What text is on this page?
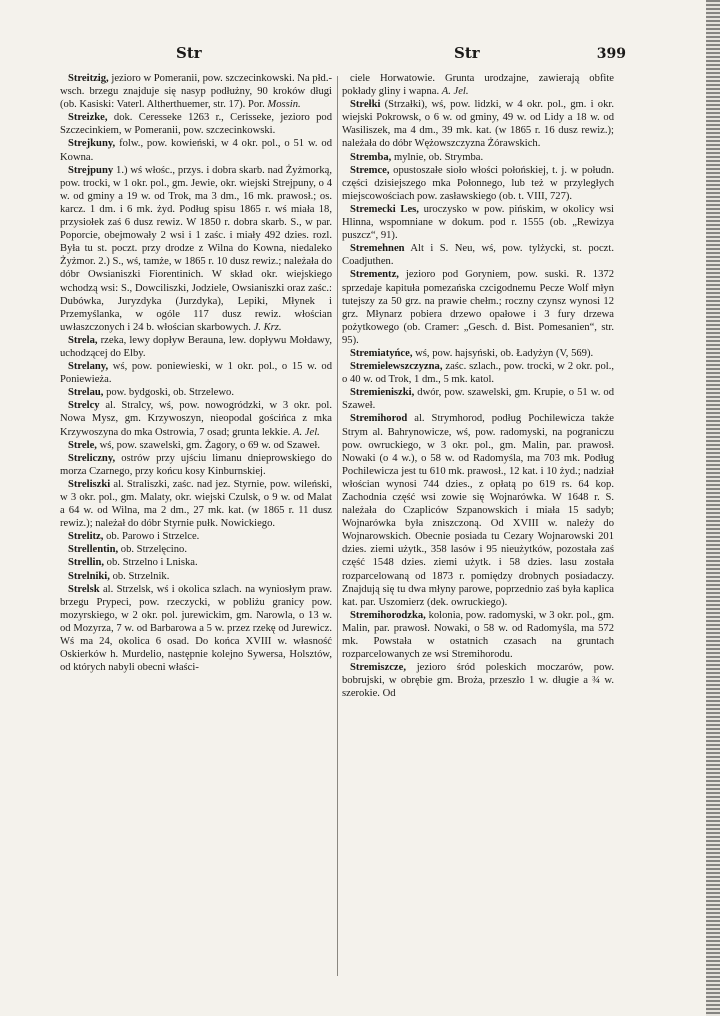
Str	Str	399

Streitzig, jezioro w Pomeranii, pow. szczecinkowski. Na płd.-wsch. brzegu znajduje się nasyp podłużny, 90 kroków długi (ob. Kasiski: Vaterl. Altherthuemer, str. 17). Por. Mossin.

Streizke, dok. Ceresseke 1263 r., Cerisseke, jezioro pod Szczecinkiem, w Pomeranii, pow. szczecinkowski.

Strejkuny, folw., pow. kowieński, w 4 okr. pol., o 51 w. od Kowna.

Strejpuny 1.) wś włośc., przys. i dobra skarb. nad Żyżmorką, pow. trocki, w 1 okr. pol., gm. Jewie, okr. wiejski Strejpuny, o 4 w. od gminy a 19 w. od Trok, ma 3 dm., 16 mk. prawosł.; os. karcz. 1 dm. i 6 mk. żyd. Podług spisu 1865 r. wś miała 18, przysiołek zaś 6 dusz rewiz. W 1850 r. dobra skarb. S., w par. Poporcie, obejmowały 2 wsi i 1 zaśc. i miały 492 dzies. rozl. Była tu st. poczt. przy drodze z Wilna do Kowna, niedaleko Żyżmor. 2.) S., wś, tamże, w 1865 r. 10 dusz rewiz.; należała do dóbr Owsianiszki Fiorentinich. W skład okr. wiejskiego wchodzą wsi: S., Dowciliszki, Jodziele, Owsianiszki oraz zaśc.: Dubówka, Juryzdyka (Jurzdyka), Lepiki, Młynek i Przemyślanka, w ogóle 117 dusz rewiz. włościan uwłaszczonych i 24 b. włościan skarbowych. J. Krz.

Strela, rzeka, lewy dopływ Berauna, lew. dopływu Mołdawy, uchodzącej do Elby.

Strelany, wś, pow. poniewieski, w 1 okr. pol., o 15 w. od Poniewieża.

Strelau, pow. bydgoski, ob. Strzelewo.

Strelcy al. Stralcy, wś, pow. nowogródzki, w 3 okr. pol. Nowa Mysz, gm. Krzywoszyn, nieopodal gościńca z mka Krzywoszyna do mka Ostrowia, 7 osad; grunta lekkie. A. Jel.

Strele, wś, pow. szawelski, gm. Żagory, o 69 w. od Szaweł.

Streliczny, ostrów przy ujściu limanu dnieprowskiego do morza Czarnego, przy końcu kosy Kinburnskiej.

Streliszki al. Straliszki, zaśc. nad jez. Styrnie, pow. wileński, w 3 okr. pol., gm. Malaty, okr. wiejski Czulsk, o 9 w. od Malat a 64 w. od Wilna, ma 2 dm., 27 mk. kat. (w 1865 r. 11 dusz rewiz.); należał do dóbr Styrnie pułk. Nowickiego.

Strelitz, ob. Parowo i Strzelce.

Strellentin, ob. Strzelęcino.

Strellin, ob. Strzelno i Lniska.

Strelniki, ob. Strzelnik.

Strelsk al. Strzelsk, wś i okolica szlach. na wyniosłym praw. brzegu Prypeci, pow. rzeczycki, w pobliżu granicy pow. mozyrskiego, w 2 okr. pol. jurewickim, gm. Narowla, o 13 w. od Mozyrza, 7 w. od Barbarowa a 5 w. przez rzekę od Jurewicz. Wś ma 24, okolica 6 osad. Do końca XVIII w. własność Oskierków h. Murdelio, następnie kolejno Sywersa, Holsztów, od których nabyli obecni właści-

ciele Horwatowie. Grunta urodzajne, zawierają obfite pokłady gliny i wapna. A. Jel.

Strełki (Strzałki), wś, pow. lidzki, w 4 okr. pol., gm. i okr. wiejski Pokrowsk, o 6 w. od gminy, 49 w. od Lidy a 18 w. od Wasiliszek, ma 4 dm., 39 mk. kat. (w 1865 r. 16 dusz rewiz.); należała do dóbr Wężowszczyzna Żórawskich.

Stremba, mylnie, ob. Strymba.

Stremce, opustoszałe sioło włości połońskiej, t. j. w połudn. części dzisiejszego mka Połonnego, lub też w przyległych miejscowościach pow. zasławskiego (ob. t. VIII, 727).

Stremecki Les, uroczysko w pow. pińskim, w okolicy wsi Hlinna, wspomniane w dokum. pod r. 1555 (ob. „Rewizya puszcz“, 91).

Stremehnen Alt i S. Neu, wś, pow. tylżycki, st. poczt. Coadjuthen.

Strementz, jezioro pod Goryniem, pow. suski. R. 1372 sprzedaje kapituła pomezańska czcigodnemu Pecze Wolf młyn tutejszy za 50 grz. na prawie chełm.; roczny czynsz wynosi 12 grz. Młynarz pobiera drzewo opałowe i 3 fury drzewa pożytkowego (ob. Cramer: „Gesch. d. Bist. Pomesanien“, str. 95).

Stremiatyńce, wś, pow. hajsyński, ob. Ładyżyn (V, 569).

Stremielewszczyzna, zaśc. szlach., pow. trocki, w 2 okr. pol., o 40 w. od Trok, 1 dm., 5 mk. katol.

Stremieniszki, dwór, pow. szawelski, gm. Krupie, o 51 w. od Szaweł.

Stremihorod al. Strymhorod, podług Pochilewicza także Strym al. Bahrynowicze, wś, pow. radomyski, na pograniczu pow. owruckiego, w 3 okr. pol., gm. Malin, par. prawosł. Nowaki (o 4 w.), o 58 w. od Radomyśla, ma 703 mk. Podług Pochilewicza jest tu 610 mk. prawosł., 12 kat. i 10 żyd.; nadział włościan wynosi 744 dzies., z opłatą po 619 rs. 64 kop. Zachodnia część wsi zowie się Wojnarówka. W 1648 r. S. należała do Czapliców Szpanowskich i miała 15 sadyb; Wojnarówka była zniszczoną. Od XVIII w. należy do Wojnarowskich. Obecnie posiada tu Cezary Wojnarowski 201 dzies. ziemi użytk., 358 lasów i 95 nieużytków, pozostała zaś część 1548 dzies. ziemi użytk. i 58 dzies. lasu została rozparcelowaną od 1873 r. pomiędzy drobnych posiadaczy. Znajdują się tu dwa młyny parowe, poprzednio zaś była kaplica kat. par. Uszomierz (dek. owruckiego).

Stremihorodzka, kolonia, pow. radomyski, w 3 okr. pol., gm. Malin, par. prawosł. Nowaki, o 58 w. od Radomyśla, ma 572 mk. Powstała w ostatnich czasach na gruntach rozparcelowanych ze wsi Stremihorodu.

Stremiszcze, jezioro śród poleskich moczarów, pow. bobrujski, w obrębie gm. Broża, przeszło 1 w. długie a ¾ w. szerokie. Od
